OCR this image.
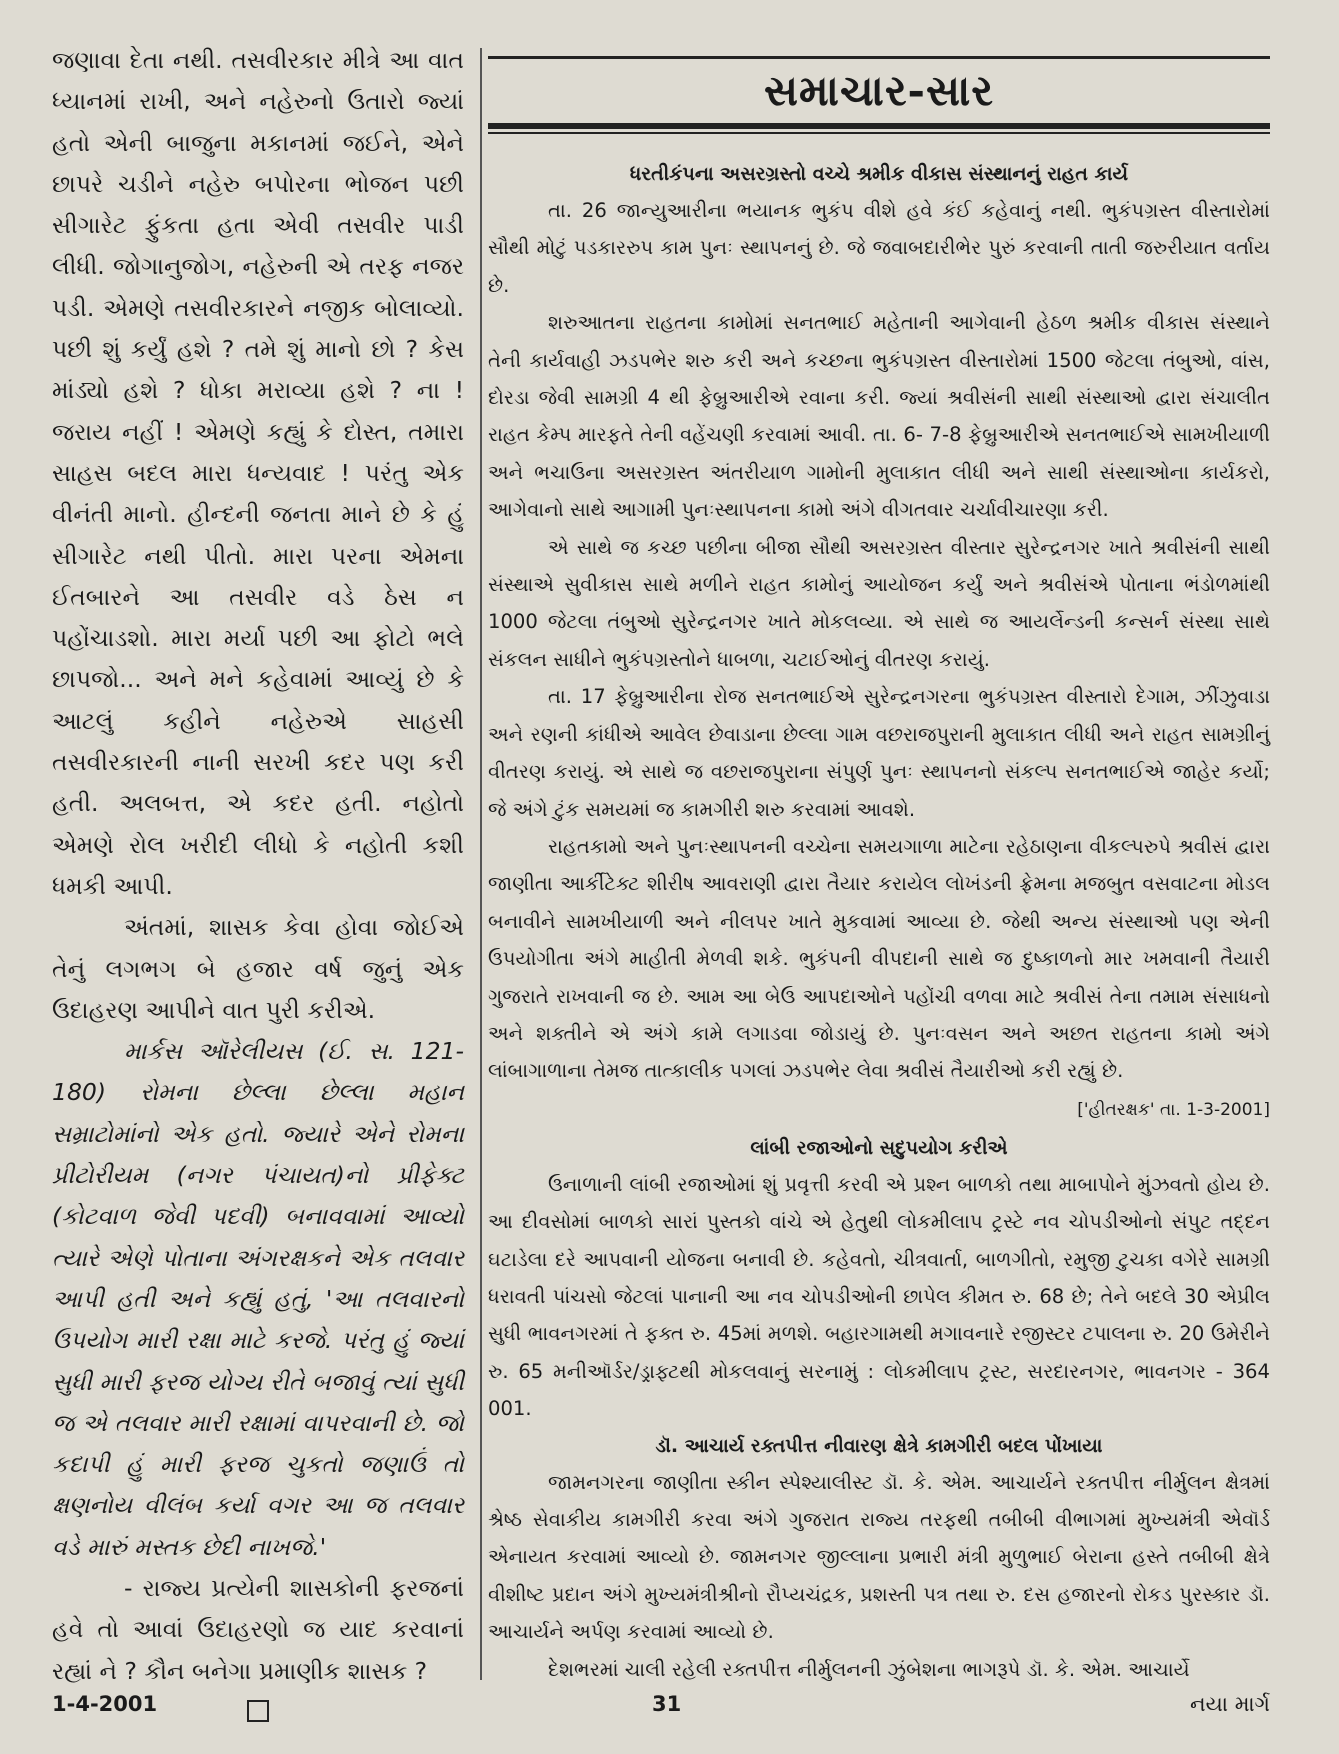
જણાવા દેતા નથી. તસવીરકાર મીત્રે આ વાત ધ્યાનમાં રાખી, અને નહેરુનો ઉતારો જ્યાં હતો એની બાજુના મકાનમાં જઈને, એને છાપરે ચડીને નહેરુ બપોરના ભોજન પછી સીગારેટ ફુંકતા હતા એવી તસવીર પાડી લીધી. જોગાનુજોગ, નહેરુની એ તરફ નજર પડી. એમણે તસવીરકારને નજીક બોલાવ્યો. પછી શું કર્યું હશે ? તમે શું માનો છો ? કેસ માંડ્યો હશે ? ધોકા મરાવ્યા હશે ? ના ! જરાય નહીં ! એમણે કહ્યું કે દોસ્ત, તમારા સાહસ બદલ મારા ધન્યવાદ ! પરંતુ એક વીનંતી માનો. હીન્દની જનતા માને છે કે હું સીગારેટ નથી પીતો. મારા પરના એમના ઈતબારને આ તસવીર વડે ઠેસ ન પહોંચાડશો. મારા મર્યા પછી આ ફોટો ભલે છાપજો... અને મને કહેવામાં આવ્યું છે કે આટલું કહીને નહેરુએ સાહસી તસવીરકારની નાની સરખી કદર પણ કરી હતી. અલબત્ત, એ કદર હતી. નહોતો એમણે રોલ ખરીદી લીધો કે નહોતી કશી ધમકી આપી.

અંતમાં, શાસક કેવા હોવા જોઈએ તેનું લગભગ બે હજાર વર્ષ જુનું એક ઉદાહરણ આપીને વાત પુરી કરીએ.

માર્કસ ઑરેલીયસ (ઈ. સ. 121-180) રોમના છેલ્લા છેલ્લા મહાન સમ્રાટોમાંનો એક હતો. જ્યારે એને રોમના પ્રીટોરીયમ (નગર પંચાયત)નો પ્રીફેક્ટ (કોટવાળ જેવી પદવી) બનાવવામાં આવ્યો ત્યારે એણે પોતાના અંગરક્ષકને એક તલવાર આપી હતી અને કહ્યું હતું, 'આ તલવારનો ઉપયોગ મારી રક્ષા માટે કરજે. પરંતુ હું જ્યાં સુધી મારી ફરજ યોગ્ય રીતે બજાવું ત્યાં સુધી જ એ તલવાર મારી રક્ષામાં વાપરવાની છે. જો કદાપી હું મારી ફરજ ચુકતો જણાઉં તો ક્ષણનોય વીલંબ કર્યા વગર આ જ તલવાર વડે મારું મસ્તક છેદી નાખજે.'

- રાજ્ય પ્રત્યેની શાસકોની ફરજનાં હવે તો આવાં ઉદાહરણો જ યાદ કરવાનાં રહ્યાં ને ? કૌન બનેગા પ્રમાણીક શાસક ?

સમાચાર-સાર
ધરતીકંપના અસરગ્રસ્તો વચ્ચે શ્રમીક વીકાસ સંસ્થાનનું રાહત કાર્ય

તા. 26 જાન્યુઆરીના ભયાનક ભુકંપ વીશે હવે કંઈ કહેવાનું નથી. ભુકંપગ્રસ્ત વીસ્તારોમાં સૌથી મોટું પડકારરુપ કામ પુનઃ સ્થાપનનું છે. જે જવાબદારીભેર પુરું કરવાની તાતી જરુરીયાત વર્તાય છે.

શરુઆતના રાહતના કામોમાં સનતભાઈ મહેતાની આગેવાની હેઠળ શ્રમીક વીકાસ સંસ્થાને તેની કાર્યવાહી ઝડપભેર શરુ કરી અને કચ્છના ભુકંપગ્રસ્ત વીસ્તારોમાં 1500 જેટલા તંબુઓ, વાંસ, દોરડા જેવી સામગ્રી 4 થી ફેબ્રુઆરીએ રવાના કરી. જ્યાં શ્રવીસંની સાથી સંસ્થાઓ દ્વારા સંચાલીત રાહત કેમ્પ મારફતે તેની વહેંચણી કરવામાં આવી. તા. 6- 7-8 ફેબ્રુઆરીએ સનતભાઈએ સામખીયાળી અને ભચાઉના અસરગ્રસ્ત અંતરીયાળ ગામોની મુલાકાત લીધી અને સાથી સંસ્થાઓના કાર્યકરો, આગેવાનો સાથે આગામી પુનઃસ્થાપનના કામો અંગે વીગતવાર ચર્ચાવીચારણા કરી.

એ સાથે જ કચ્છ પછીના બીજા સૌથી અસરગ્રસ્ત વીસ્તાર સુરેન્દ્રનગર ખાતે શ્રવીસંની સાથી સંસ્થાએ સુવીકાસ સાથે મળીને રાહત કામોનું આયોજન કર્યું અને શ્રવીસંએ પોતાના ભંડોળમાંથી 1000 જેટલા તંબુઓ સુરેન્દ્રનગર ખાતે મોકલવ્યા. એ સાથે જ આયર્લેન્ડની કન્સર્ન સંસ્થા સાથે સંકલન સાધીને ભુકંપગ્રસ્તોને ધાબળા, ચટાઈઓનું વીતરણ કરાયું.

તા. 17 ફેબ્રુઆરીના રોજ સનતભાઈએ સુરેન્દ્રનગરના ભુકંપગ્રસ્ત વીસ્તારો દેગામ, ઝીંઝુવાડા અને રણની કાંધીએ આવેલ છેવાડાના છેલ્લા ગામ વછરાજપુરાની મુલાકાત લીધી અને રાહત સામગ્રીનું વીતરણ કરાયું. એ સાથે જ વછરાજપુરાના સંપુર્ણ પુનઃ સ્થાપનનો સંકલ્પ સનતભાઈએ જાહેર કર્યો; જે અંગે ટુંક સમયમાં જ કામગીરી શરુ કરવામાં આવશે.

રાહતકામો અને પુનઃસ્થાપનની વચ્ચેના સમયગાળા માટેના રહેઠાણના વીકલ્પરુપે શ્રવીસં દ્વારા જાણીતા આર્કીટેક્ટ શીરીષ આવરાણી દ્વારા તૈયાર કરાયેલ લોખંડની ફ્રેમના મજબુત વસવાટના મોડલ બનાવીને સામખીયાળી અને નીલપર ખાતે મુકવામાં આવ્યા છે. જેથી અન્ય સંસ્થાઓ પણ એની ઉપયોગીતા અંગે માહીતી મેળવી શકે. ભુકંપની વીપદાની સાથે જ દુષ્કાળનો માર ખમવાની તૈયારી ગુજરાતે રાખવાની જ છે. આમ આ બેઉ આપદાઓને પહોંચી વળવા માટે શ્રવીસં તેના તમામ સંસાધનો અને શક્તીને એ અંગે કામે લગાડવા જોડાયું છે. પુનઃવસન અને અછત રાહતના કામો અંગે લાંબાગાળાના તેમજ તાત્કાલીક પગલાં ઝડપભેર લેવા શ્રવીસં તૈયારીઓ કરી રહ્યું છે.

['હીતરક્ષક' તા. 1-3-2001]

લાંબી રજાઓનો સદુપયોગ કરીએ

ઉનાળાની લાંબી રજાઓમાં શું પ્રવૃત્તી કરવી એ પ્રશ્ન બાળકો તથા માબાપોને મુંઝવતો હોય છે. આ દીવસોમાં બાળકો સારાં પુસ્તકો વાંચે એ હેતુથી લોકમીલાપ ટ્રસ્ટે નવ ચોપડીઓનો સંપુટ તદ્દન ઘટાડેલા દરે આપવાની યોજના બનાવી છે. કહેવતો, ચીત્રવાર્તા, બાળગીતો, રમુજી ટુચકા વગેરે સામગ્રી ધરાવતી પાંચસો જેટલાં પાનાની આ નવ ચોપડીઓની છાપેલ કીમત રુ. 68 છે; તેને બદલે 30 એપ્રીલ સુધી ભાવનગરમાં તે ફક્ત રુ. 45માં મળશે. બહારગામથી મગાવનારે રજીસ્ટર ટપાલના રુ. 20 ઉમેરીને રુ. 65 મનીઑર્ડર/ડ્રાફ્ટથી મોકલવાનું સરનામું : લોકમીલાપ ટ્રસ્ટ, સરદારનગર, ભાવનગર - 364 001.

ડૉ. આચાર્ય રક્તપીત્ત નીવારણ ક્ષેત્રે કામગીરી બદલ પોંખાયા

જામનગરના જાણીતા સ્કીન સ્પેશ્યાલીસ્ટ ડૉ. કે. એમ. આચાર્યને રક્તપીત્ત નીર્મુલન ક્ષેત્રમાં શ્રેષ્ઠ સેવાકીય કામગીરી કરવા અંગે ગુજરાત રાજ્ય તરફથી તબીબી વીભાગમાં મુખ્યમંત્રી એવૉર્ડ એનાયત કરવામાં આવ્યો છે. જામનગર જીલ્લાના પ્રભારી મંત્રી મુળુભાઈ બેરાના હસ્તે તબીબી ક્ષેત્રે વીશીષ્ટ પ્રદાન અંગે મુખ્યમંત્રીશ્રીનો રૌપ્યચંદ્રક, પ્રશસ્તી પત્ર તથા રુ. દસ હજારનો રોકડ પુરસ્કાર ડૉ. આચાર્યને અર્પણ કરવામાં આવ્યો છે.

દેશભરમાં ચાલી રહેલી રક્તપીત્ત નીર્મુલનની ઝુંબેશના ભાગરૂપે ડૉ. કે. એમ. આચાર્યે

1-4-2001	31	નયા માર્ગ
